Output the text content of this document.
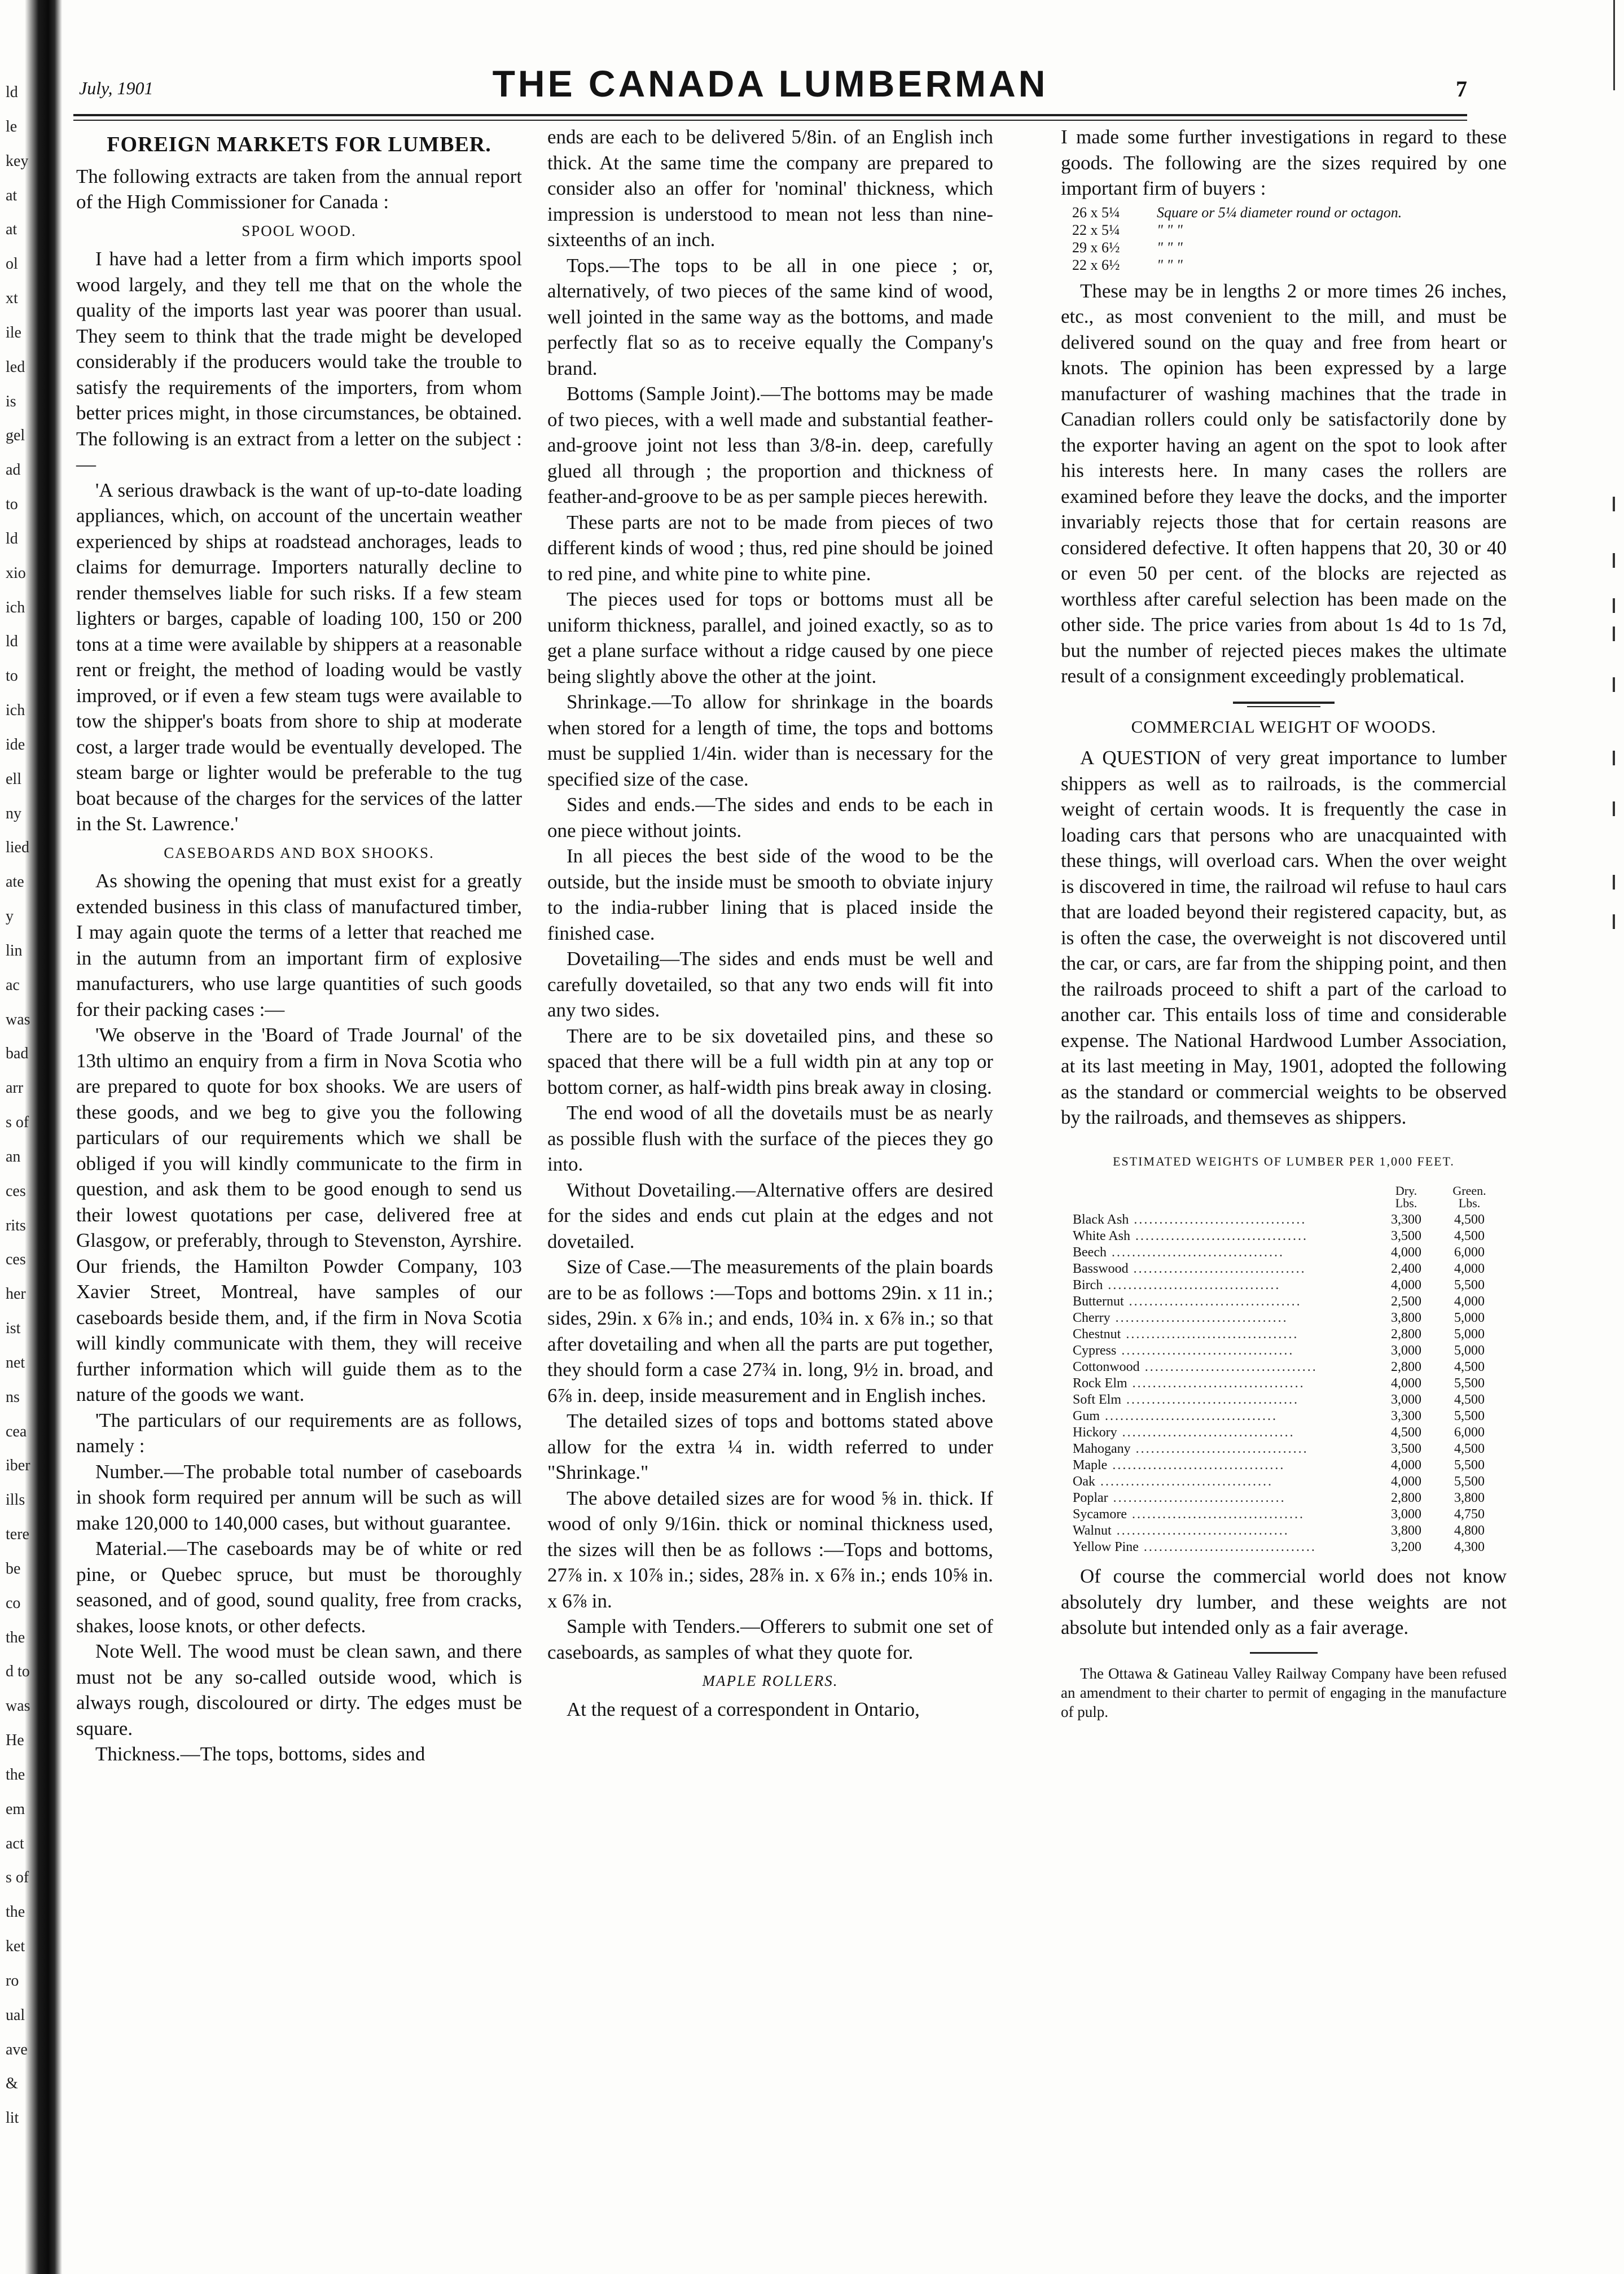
ld
le
key
at
at
ol
xt
ile
led
is
gel
ad
to
ld
xio
ich
ld
to
ich
ide
ell
ny
lied
ate
y
lin
ac
was
bad
arr
s of
an
ces
rits
ces
her
ist
net
ns
cea
iber
ills
tere
be
co
the
d to
was
He
the
em
act
s of
the
ket
ro
ual
ave
&
lit
July, 1901	THE CANADA LUMBERMAN	7
FOREIGN MARKETS FOR LUMBER.

The following extracts are taken from the annual report of the High Commissioner for Canada :

SPOOL WOOD.

I have had a letter from a firm which imports spool wood largely, and they tell me that on the whole the quality of the imports last year was poorer than usual. They seem to think that the trade might be developed considerably if the producers would take the trouble to satisfy the requirements of the importers, from whom better prices might, in those circumstances, be obtained. The following is an extract from a letter on the subject :—

'A serious drawback is the want of up-to-date loading appliances, which, on account of the uncertain weather experienced by ships at roadstead anchorages, leads to claims for demurrage. Importers naturally decline to render themselves liable for such risks. If a few steam lighters or barges, capable of loading 100, 150 or 200 tons at a time were available by shippers at a reasonable rent or freight, the method of loading would be vastly improved, or if even a few steam tugs were available to tow the shipper's boats from shore to ship at moderate cost, a larger trade would be eventually developed. The steam barge or lighter would be preferable to the tug boat because of the charges for the services of the latter in the St. Lawrence.'

CASEBOARDS AND BOX SHOOKS.

As showing the opening that must exist for a greatly extended business in this class of manufactured timber, I may again quote the terms of a letter that reached me in the autumn from an important firm of explosive manufacturers, who use large quantities of such goods for their packing cases :—

'We observe in the 'Board of Trade Journal' of the 13th ultimo an enquiry from a firm in Nova Scotia who are prepared to quote for box shooks. We are users of these goods, and we beg to give you the following particulars of our requirements which we shall be obliged if you will kindly communicate to the firm in question, and ask them to be good enough to send us their lowest quotations per case, delivered free at Glasgow, or preferably, through to Stevenston, Ayrshire. Our friends, the Hamilton Powder Company, 103 Xavier Street, Montreal, have samples of our caseboards beside them, and, if the firm in Nova Scotia will kindly communicate with them, they will receive further information which will guide them as to the nature of the goods we want.

'The particulars of our requirements are as follows, namely :

Number.—The probable total number of caseboards in shook form required per annum will be such as will make 120,000 to 140,000 cases, but without guarantee.

Material.—The caseboards may be of white or red pine, or Quebec spruce, but must be thoroughly seasoned, and of good, sound quality, free from cracks, shakes, loose knots, or other defects.

Note Well. The wood must be clean sawn, and there must not be any so-called outside wood, which is always rough, discoloured or dirty. The edges must be square.

Thickness.—The tops, bottoms, sides and

ends are each to be delivered 5/8in. of an English inch thick. At the same time the company are prepared to consider also an offer for 'nominal' thickness, which impression is understood to mean not less than nine-sixteenths of an inch.

Tops.—The tops to be all in one piece ; or, alternatively, of two pieces of the same kind of wood, well jointed in the same way as the bottoms, and made perfectly flat so as to receive equally the Company's brand.

Bottoms (Sample Joint).—The bottoms may be made of two pieces, with a well made and substantial feather-and-groove joint not less than 3/8-in. deep, carefully glued all through ; the proportion and thickness of feather-and-groove to be as per sample pieces herewith.

These parts are not to be made from pieces of two different kinds of wood ; thus, red pine should be joined to red pine, and white pine to white pine.

The pieces used for tops or bottoms must all be uniform thickness, parallel, and joined exactly, so as to get a plane surface without a ridge caused by one piece being slightly above the other at the joint.

Shrinkage.—To allow for shrinkage in the boards when stored for a length of time, the tops and bottoms must be supplied 1/4in. wider than is necessary for the specified size of the case.

Sides and ends.—The sides and ends to be each in one piece without joints.

In all pieces the best side of the wood to be the outside, but the inside must be smooth to obviate injury to the india-rubber lining that is placed inside the finished case.

Dovetailing—The sides and ends must be well and carefully dovetailed, so that any two ends will fit into any two sides.

There are to be six dovetailed pins, and these so spaced that there will be a full width pin at any top or bottom corner, as half-width pins break away in closing.

The end wood of all the dovetails must be as nearly as possible flush with the surface of the pieces they go into.

Without Dovetailing.—Alternative offers are desired for the sides and ends cut plain at the edges and not dovetailed.

Size of Case.—The measurements of the plain boards are to be as follows :—Tops and bottoms 29in. x 11 in.; sides, 29in. x 6⅞ in.; and ends, 10¾ in. x 6⅞ in.; so that after dovetailing and when all the parts are put together, they should form a case 27¾ in. long, 9½ in. broad, and 6⅞ in. deep, inside measurement and in English inches.

The detailed sizes of tops and bottoms stated above allow for the extra ¼ in. width referred to under "Shrinkage."

The above detailed sizes are for wood ⅝ in. thick. If wood of only 9/16in. thick or nominal thickness used, the sizes will then be as follows :—Tops and bottoms, 27⅞ in. x 10⅞ in.; sides, 28⅞ in. x 6⅞ in.; ends 10⅝ in. x 6⅞ in.

Sample with Tenders.—Offerers to submit one set of caseboards, as samples of what they quote for.

MAPLE ROLLERS.

At the request of a correspondent in Ontario,

I made some further investigations in regard to these goods. The following are the sizes required by one important firm of buyers :

26 x 5¼	Square or 5¼ diameter round or octagon.
22 x 5¼	" " "
29 x 6½	" " "
22 x 6½	" " "

These may be in lengths 2 or more times 26 inches, etc., as most convenient to the mill, and must be delivered sound on the quay and free from heart or knots. The opinion has been expressed by a large manufacturer of washing machines that the trade in Canadian rollers could only be satisfactorily done by the exporter having an agent on the spot to look after his interests here. In many cases the rollers are examined before they leave the docks, and the importer invariably rejects those that for certain reasons are considered defective. It often happens that 20, 30 or 40 or even 50 per cent. of the blocks are rejected as worthless after careful selection has been made on the other side. The price varies from about 1s 4d to 1s 7d, but the number of rejected pieces makes the ultimate result of a consignment exceedingly problematical.

COMMERCIAL WEIGHT OF WOODS.

A QUESTION of very great importance to lumber shippers as well as to railroads, is the commercial weight of certain woods. It is frequently the case in loading cars that persons who are unacquainted with these things, will overload cars. When the over weight is discovered in time, the railroad wil refuse to haul cars that are loaded beyond their registered capacity, but, as is often the case, the overweight is not discovered until the car, or cars, are far from the shipping point, and then the railroads proceed to shift a part of the carload to another car. This entails loss of time and considerable expense. The National Hardwood Lumber Association, at its last meeting in May, 1901, adopted the following as the standard or commercial weights to be observed by the railroads, and themseves as shippers.

ESTIMATED WEIGHTS OF LUMBER PER 1,000 FEET.
	Dry.
Lbs.	Green.
Lbs.
Black Ash ..................................	3,300	4,500
White Ash ..................................	3,500	4,500
Beech ..................................	4,000	6,000
Basswood ..................................	2,400	4,000
Birch ..................................	4,000	5,500
Butternut ..................................	2,500	4,000
Cherry ..................................	3,800	5,000
Chestnut ..................................	2,800	5,000
Cypress ..................................	3,000	5,000
Cottonwood ..................................	2,800	4,500
Rock Elm ..................................	4,000	5,500
Soft Elm ..................................	3,000	4,500
Gum ..................................	3,300	5,500
Hickory ..................................	4,500	6,000
Mahogany ..................................	3,500	4,500
Maple ..................................	4,000	5,500
Oak ..................................	4,000	5,500
Poplar ..................................	2,800	3,800
Sycamore ..................................	3,000	4,750
Walnut ..................................	3,800	4,800
Yellow Pine ..................................	3,200	4,300

Of course the commercial world does not know absolutely dry lumber, and these weights are not absolute but intended only as a fair average.

The Ottawa & Gatineau Valley Railway Company have been refused an amendment to their charter to permit of engaging in the manufacture of pulp.
